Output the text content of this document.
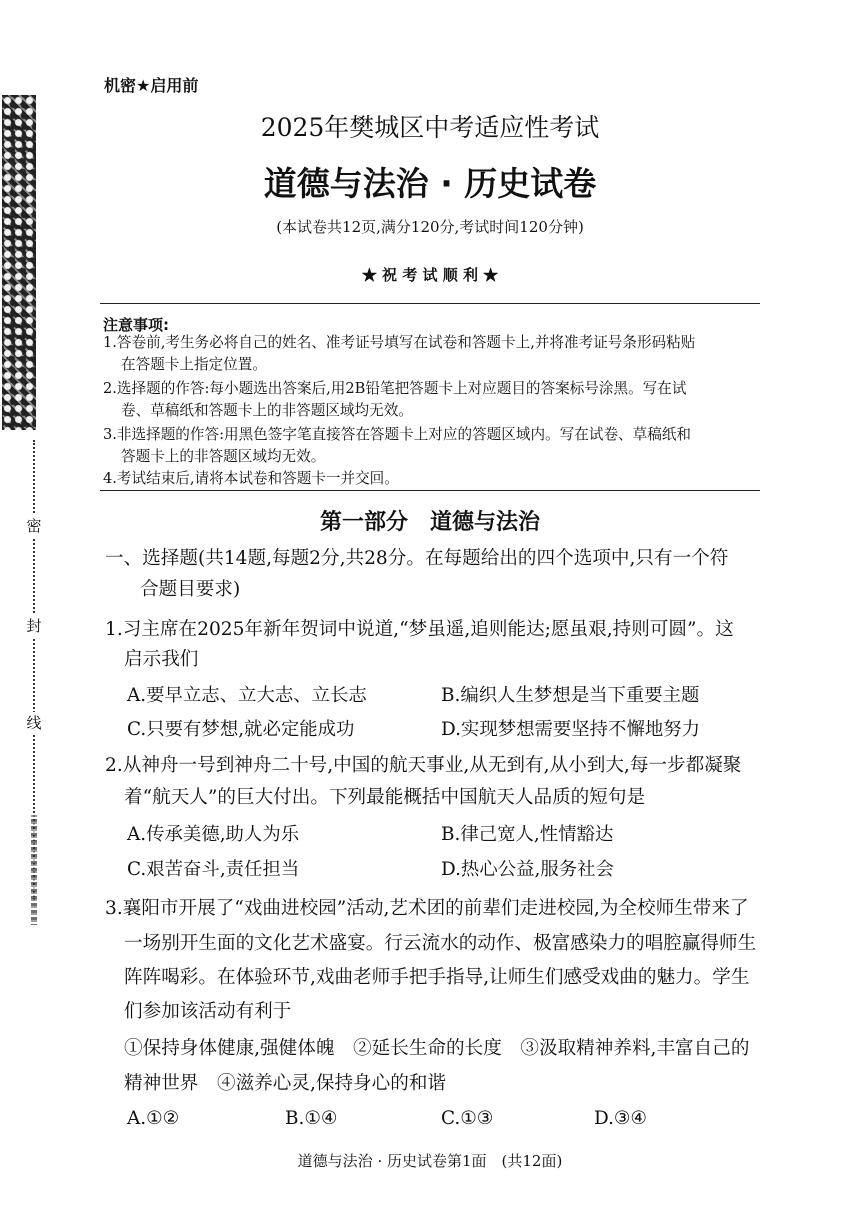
密
封
线
机密★启用前
2025年樊城区中考适应性考试
道德与法治 · 历史试卷
(本试卷共12页,满分120分,考试时间120分钟)
★ 祝 考 试 顺 利 ★
注意事项:
1.答卷前,考生务必将自己的姓名、准考证号填写在试卷和答题卡上,并将准考证号条形码粘贴
在答题卡上指定位置。
2.选择题的作答:每小题选出答案后,用2B铅笔把答题卡上对应题目的答案标号涂黑。写在试
卷、草稿纸和答题卡上的非答题区域均无效。
3.非选择题的作答:用黑色签字笔直接答在答题卡上对应的答题区域内。写在试卷、草稿纸和
答题卡上的非答题区域均无效。
4.考试结束后,请将本试卷和答题卡一并交回。
第一部分　道德与法治
一、选择题(共14题,每题2分,共28分。在每题给出的四个选项中,只有一个符
合题目要求)
1.习主席在2025年新年贺词中说道,“梦虽遥,追则能达;愿虽艰,持则可圆”。这
启示我们
A.要早立志、立大志、立长志	B.编织人生梦想是当下重要主题
C.只要有梦想,就必定能成功	D.实现梦想需要坚持不懈地努力
2.从神舟一号到神舟二十号,中国的航天事业,从无到有,从小到大,每一步都凝聚
着“航天人”的巨大付出。下列最能概括中国航天人品质的短句是
A.传承美德,助人为乐	B.律己宽人,性情豁达
C.艰苦奋斗,责任担当	D.热心公益,服务社会
3.襄阳市开展了“戏曲进校园”活动,艺术团的前辈们走进校园,为全校师生带来了
一场别开生面的文化艺术盛宴。行云流水的动作、极富感染力的唱腔赢得师生
阵阵喝彩。在体验环节,戏曲老师手把手指导,让师生们感受戏曲的魅力。学生
们参加该活动有利于
①保持身体健康,强健体魄　②延长生命的长度　③汲取精神养料,丰富自己的
精神世界　④滋养心灵,保持身心的和谐
A.①②	B.①④	C.①③	D.③④
道德与法治 · 历史试卷第1面　(共12面)
